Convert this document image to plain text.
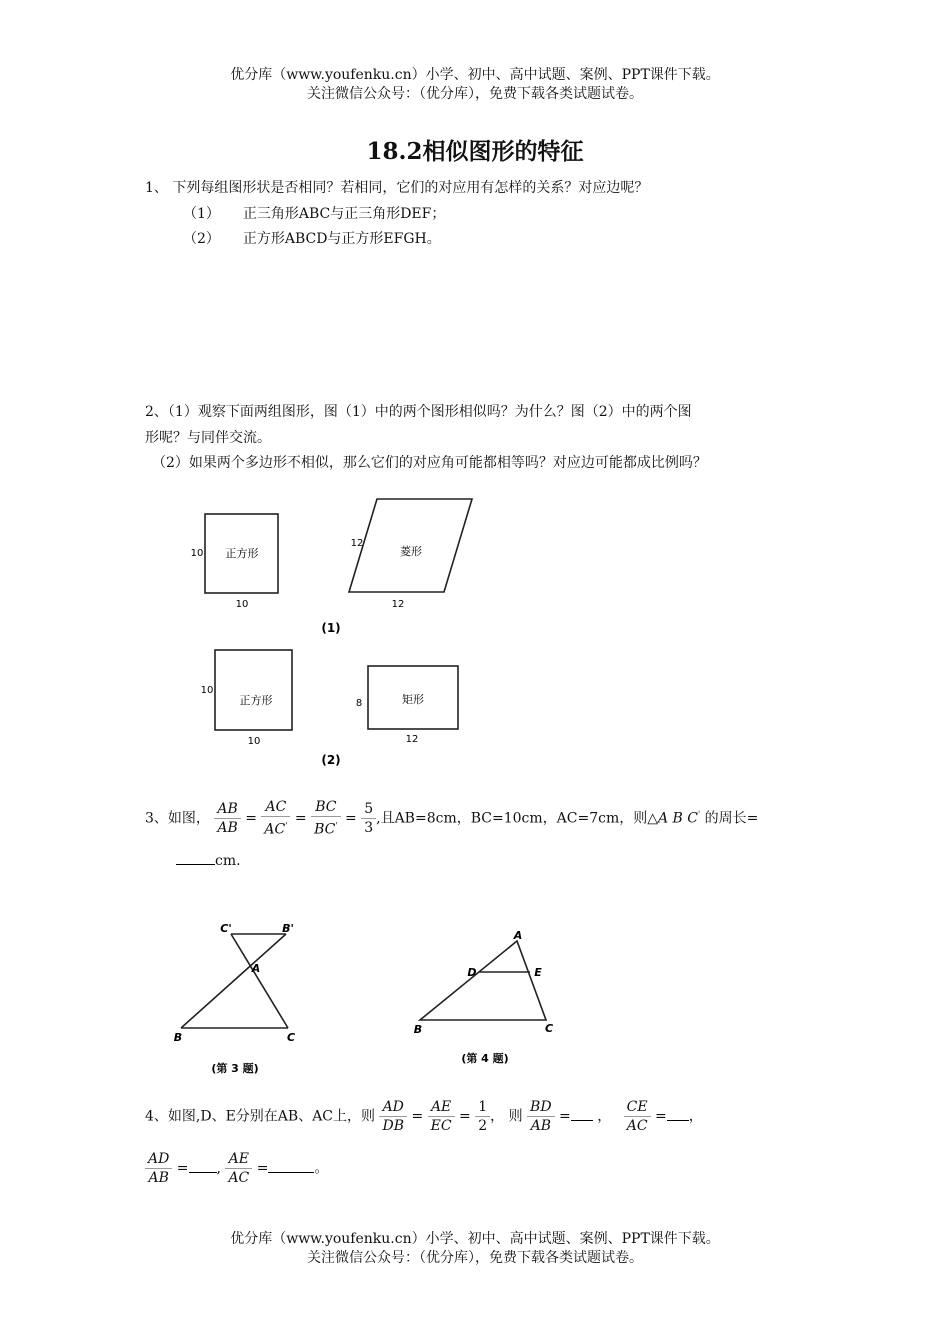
优分库（www.youfenku.cn）小学、初中、高中试题、案例、PPT课件下载。
关注微信公众号：（优分库），免费下载各类试题试卷。
18.2相似图形的特征
1、 下列每组图形状是否相同？若相同，它们的对应用有怎样的关系？对应边呢？
（1） 正三角形ABC与正三角形DEF；
（2） 正方形ABCD与正方形EFGH。
2、（1）观察下面两组图形，图（1）中的两个图形相似吗？为什么？图（2）中的两个图
形呢？与同伴交流。
（2）如果两个多边形不相似，那么它们的对应角可能都相等吗？对应边可能都成比例吗？
正方形
10
10
菱形
12
12
(1)
正方形
10
10
矩形
8
12
(2)
3、如图， $\frac{AB}{AB} = \frac{AC}{AC'} = \frac{BC}{BC'} = \frac{5}{3}$ ,且AB=8cm，BC=10cm，AC=7cm，则△A B C' 的周长=
cm.
C'	B'
A
B	C
(第 3 题)
A
D	E
B	C
(第 4 题)
4、如图,D、E分别在AB、AC上，则 $\frac{AD}{DB} = \frac{AE}{EC} = \frac{1}{2}$ ， 则 $\frac{BD}{AB}$ = ， $\frac{CE}{AC}$ = ，
$\frac{AD}{AB}$ = , $\frac{AE}{AC}$ =	。
优分库（www.youfenku.cn）小学、初中、高中试题、案例、PPT课件下载。
关注微信公众号：（优分库），免费下载各类试题试卷。
